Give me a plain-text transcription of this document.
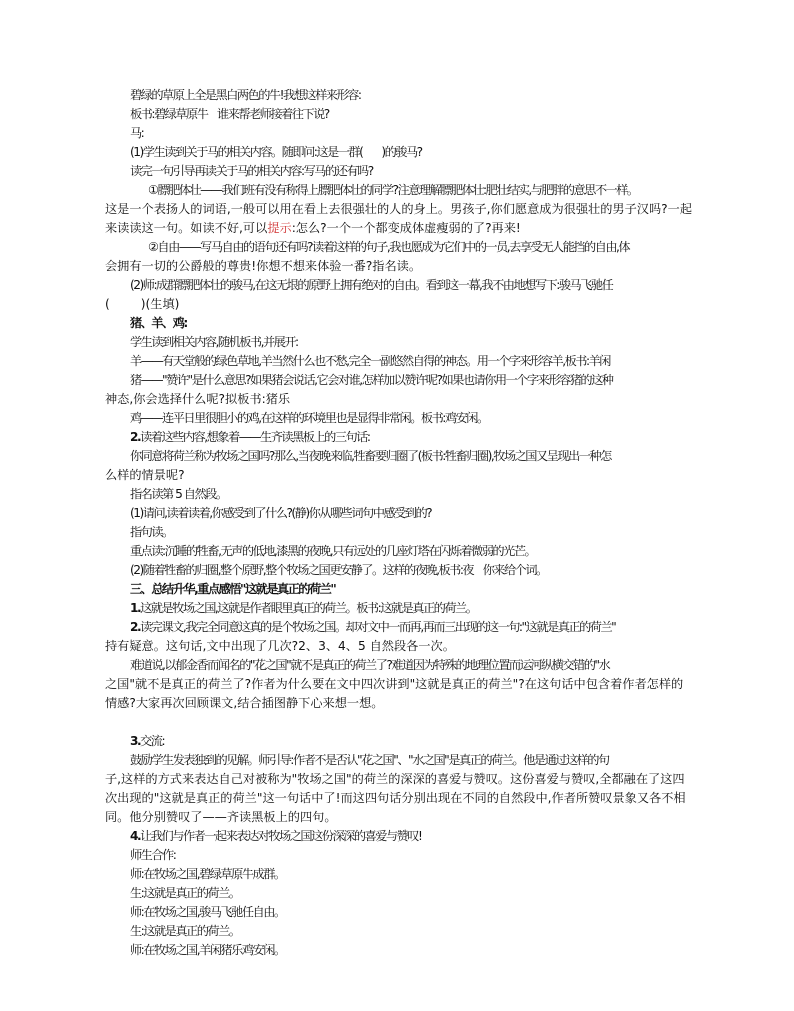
碧绿的草原上全是黑白两色的牛!我想这样来形容:

板书:碧绿草原牛    谁来帮老师接着往下说?

马:

(1)学生读到关于马的相关内容。随即问:这是一群(        )的骏马?

读完一句引导再读关于马的相关内容:写马的还有吗?

①膘肥体壮——我们班有没有称得上膘肥体壮的同学?注意理解膘肥体壮:肥壮结实,与肥胖的意思不一样。

这是一个表扬人的词语,一般可以用在看上去很强壮的人的身上。男孩子,你们愿意成为很强壮的男子汉吗?一起

来读读这一句。如读不好,可以提示:怎么?一个一个都变成体虚瘦弱的了?再来!

②自由——写马自由的语句还有吗?读着这样的句子,我也愿成为它们中的一员,去享受无人能挡的自由,体

会拥有一切的公爵般的尊贵!你想不想来体验一番?指名读。

(2)师:成群膘肥体壮的骏马,在这无垠的原野上拥有绝对的自由。看到这一幕,我不由地想写下:骏马飞驰任

(        )(生填)

猪、羊、鸡:

学生读到相关内容,随机板书,并展开:

羊——有天堂般的绿色草地,羊当然什么也不愁,完全一副悠然自得的神态。用一个字来形容羊,板书:羊闲

猪——"赞许"是什么意思?如果猪会说话,它会对谁,怎样加以赞许呢?如果也请你用一个字来形容猪的这种

神态,你会选择什么呢?拟板书:猪乐

鸡——连平日里很胆小的鸡,在这样的环境里也是显得非常闲。板书:鸡安闲。

2.读着这些内容,想象着——生齐读黑板上的三句话:

你同意将荷兰称为牧场之国吗?那么,当夜晚来临,牲畜要归圈了(板书:牲畜归圈),牧场之国又呈现出一种怎

么样的情景呢?

指名读第 5 自然段。

(1)请问,读着读着,你感受到了什么?(静)你从哪些词句中感受到的?

指句读。

重点读:沉睡的牲畜,无声的低地,漆黑的夜晚,只有远处的几座灯塔在闪烁着微弱的光芒。

(2)随着牲畜的归圈,整个原野,整个牧场之国更安静了。这样的夜晚,板书:夜    你来给个词。

三、总结升华,重点感悟"这就是真正的荷兰"

1.这就是牧场之国,这就是作者眼里真正的荷兰。板书:这就是真正的荷兰。

2.读完课文,我完全同意这真的是个牧场之国。却对文中一而再,再而三出现的这一句:"这就是真正的荷兰"

持有疑意。这句话,文中出现了几次?2、3、4、5 自然段各一次。

难道说,以郁金香而闻名的"花之国"就不是真正的荷兰了?难道因为特殊的地理位置而运河纵横交错的"水

之国"就不是真正的荷兰了?作者为什么要在文中四次讲到"这就是真正的荷兰"?在这句话中包含着作者怎样的

情感?大家再次回顾课文,结合插图静下心来想一想。

3.交流:

鼓励学生发表独到的见解。师引导:作者不是否认"花之国"、"水之国"是真正的荷兰。他是通过这样的句

子,这样的方式来表达自己对被称为"牧场之国"的荷兰的深深的喜爱与赞叹。这份喜爱与赞叹,全都融在了这四

次出现的"这就是真正的荷兰"这一句话中了!而这四句话分别出现在不同的自然段中,作者所赞叹景象又各不相

同。他分别赞叹了——齐读黑板上的四句。

4.让我们与作者一起来表达对牧场之国这份深深的喜爱与赞叹!

师生合作:

师:在牧场之国,碧绿草原牛成群。

生:这就是真正的荷兰。

师:在牧场之国,骏马飞驰任自由。

生:这就是真正的荷兰。

师:在牧场之国,羊闲猪乐鸡安闲。
